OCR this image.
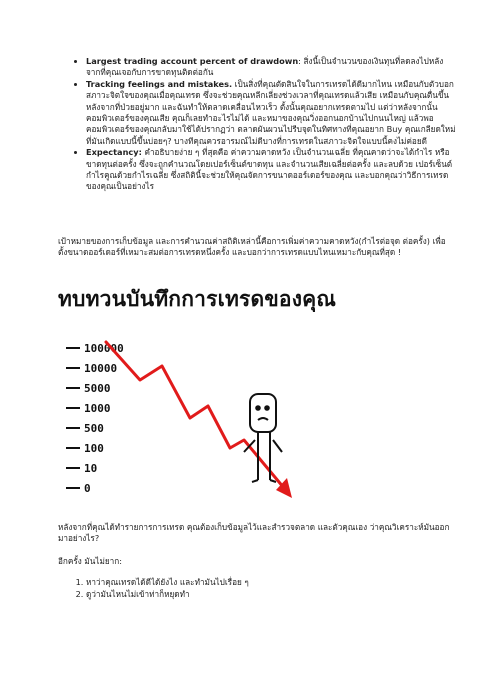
• Largest trading account percent of drawdown: สิ่งนี้เป็นจำนวนของเงินทุนที่ลดลงไปหลังจากที่คุณเจอกับการขาดทุนติดต่อกัน
• Tracking feelings and mistakes. เป็นสิ่งที่คุณตัดสินใจในการเทรดได้ดีมากไหน เหมือนกับตัวบอกสภาวะจิตใจของคุณเมื่อคุณเทรด ซึ่งจะช่วยคุณหลีกเลี่ยงช่วงเวลาที่คุณเทรดแล้วเสีย เหมือนกับคุณตื่นขึ้นหลังจากที่ป่วยอยู่มาก และฉันทำให้ตลาดเคลื่อนไหวเร็ว ตั้งนั้นคุณอยากเทรดตามไป แต่ว่าหลังจากนั้นคอมพิวเตอร์ของคุณเสีย คุณก็เลยทำอะไรไม่ได้ และหมาของคุณวิ่งออกนอกบ้านไปกนนไหญ่ แล้วพอคอมพิวเตอร์ของคุณกลับมาใช้ได้ปรากฏว่า ตลาดผันผวนไปรีบจุดในทิศทางที่คุณอยาก Buy คุณเกลียดใหม่ ที่มันเกิดแบบนี้ขึ้นบ่อยๆ? บางทีคุณควรอารมณ์ไม่ดีบางที่การเทรดในสภาวะจิตใจแบบนี้คงไม่ค่อยดี
• Expectancy: คำอธิบายง่าย ๆ ที่สุดคือ ค่าความคาดหวัง เป็นจำนวนเฉลี่ย ที่คุณคาดว่าจะได้กำไร หรือ ขาดทุนต่อครั้ง ซึ่งจะถูกคำนวณโดยเปอร์เซ็นต์ขาดทุน และจำนวนเสียเฉลี่ยต่อครั้ง และลบด้วย เปอร์เซ็นต์กำไรคูณด้วยกำไรเฉลี่ย ซึ่งสถิตินี้จะช่วยให้คุณจัดการขนาดออร์เดอร์ของคุณ และบอกคุณว่าวิธีการเทรดของคุณเป็นอย่างไร

เป้าหมายของการเก็บข้อมูล และการคำนวณค่าสถิติเหล่านี้คือการเพิ่มค่าความคาดหวัง(กำไรต่อจุด ต่อครั้ง) เพื่อตั้งขนาดออร์เดอร์ที่เหมาะสมต่อการเทรดหนึ่งครั้ง และบอกว่าการเทรดแบบไหนเหมาะกับคุณที่สุด !

ทบทวนบันทึกการเทรดของคุณ
100000
10000
5000
1000
500
100
10
0

หลังจากที่คุณได้ทำรายการการเทรด คุณต้องเก็บข้อมูลไว้และสำรวจตลาด และตัวคุณเอง ว่าคุณวิเคราะห์มันออกมาอย่างไร?

อีกครั้ง มันไม่ยาก:

1. หาว่าคุณเทรดได้ดีได้ยังไง และทำมันไปเรื่อย ๆ
2. ดูว่ามันไหนไม่เข้าท่าก็หยุดทำ
